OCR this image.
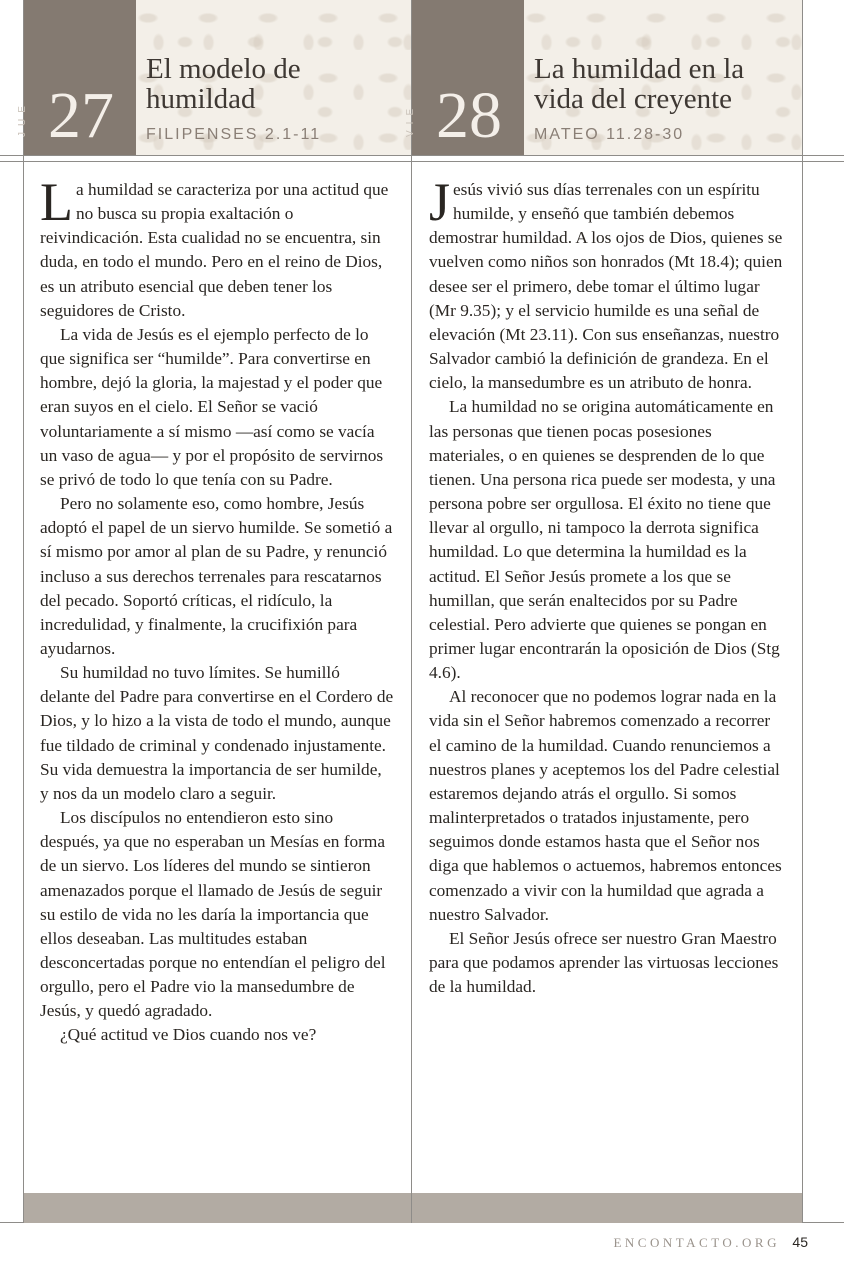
JUE 27
El modelo de humildad
FILIPENSES 2.1-11	VIE 28
La humildad en la vida del creyente
MATEO 11.28-30

La humildad se caracteriza por una actitud que no busca su propia exaltación o reivindicación. Esta cualidad no se encuentra, sin duda, en todo el mundo. Pero en el reino de Dios, es un atributo esencial que deben tener los seguidores de Cristo.

La vida de Jesús es el ejemplo perfecto de lo que significa ser “humilde”. Para convertirse en hombre, dejó la gloria, la majestad y el poder que eran suyos en el cielo. El Señor se vació voluntariamente a sí mismo —así como se vacía un vaso de agua— y por el propósito de servirnos se privó de todo lo que tenía con su Padre.

Pero no solamente eso, como hombre, Jesús adoptó el papel de un siervo humilde. Se sometió a sí mismo por amor al plan de su Padre, y renunció incluso a sus derechos terrenales para rescatarnos del pecado. Soportó críticas, el ridículo, la incredulidad, y finalmente, la crucifixión para ayudarnos.

Su humildad no tuvo límites. Se humilló delante del Padre para convertirse en el Cordero de Dios, y lo hizo a la vista de todo el mundo, aunque fue tildado de criminal y condenado injustamente. Su vida demuestra la importancia de ser humilde, y nos da un modelo claro a seguir.

Los discípulos no entendieron esto sino después, ya que no esperaban un Mesías en forma de un siervo. Los líderes del mundo se sintieron amenazados porque el llamado de Jesús de seguir su estilo de vida no les daría la importancia que ellos deseaban. Las multitudes estaban desconcertadas porque no entendían el peligro del orgullo, pero el Padre vio la mansedumbre de Jesús, y quedó agradado.

¿Qué actitud ve Dios cuando nos ve?

Jesús vivió sus días terrenales con un espíritu humilde, y enseñó que también debemos demostrar humildad. A los ojos de Dios, quienes se vuelven como niños son honrados (Mt 18.4); quien desee ser el primero, debe tomar el último lugar (Mr 9.35); y el servicio humilde es una señal de elevación (Mt 23.11). Con sus enseñanzas, nuestro Salvador cambió la definición de grandeza. En el cielo, la mansedumbre es un atributo de honra.

La humildad no se origina automáticamente en las personas que tienen pocas posesiones materiales, o en quienes se desprenden de lo que tienen. Una persona rica puede ser modesta, y una persona pobre ser orgullosa. El éxito no tiene que llevar al orgullo, ni tampoco la derrota significa humildad. Lo que determina la humildad es la actitud. El Señor Jesús promete a los que se humillan, que serán enaltecidos por su Padre celestial. Pero advierte que quienes se pongan en primer lugar encontrarán la oposición de Dios (Stg 4.6).

Al reconocer que no podemos lograr nada en la vida sin el Señor habremos comenzado a recorrer el camino de la humildad. Cuando renunciemos a nuestros planes y aceptemos los del Padre celestial estaremos dejando atrás el orgullo. Si somos malinterpretados o tratados injustamente, pero seguimos donde estamos hasta que el Señor nos diga que hablemos o actuemos, habremos entonces comenzado a vivir con la humildad que agrada a nuestro Salvador.

El Señor Jesús ofrece ser nuestro Gran Maestro para que podamos aprender las virtuosas lecciones de la humildad.

ENCONTACTO.ORG 45
